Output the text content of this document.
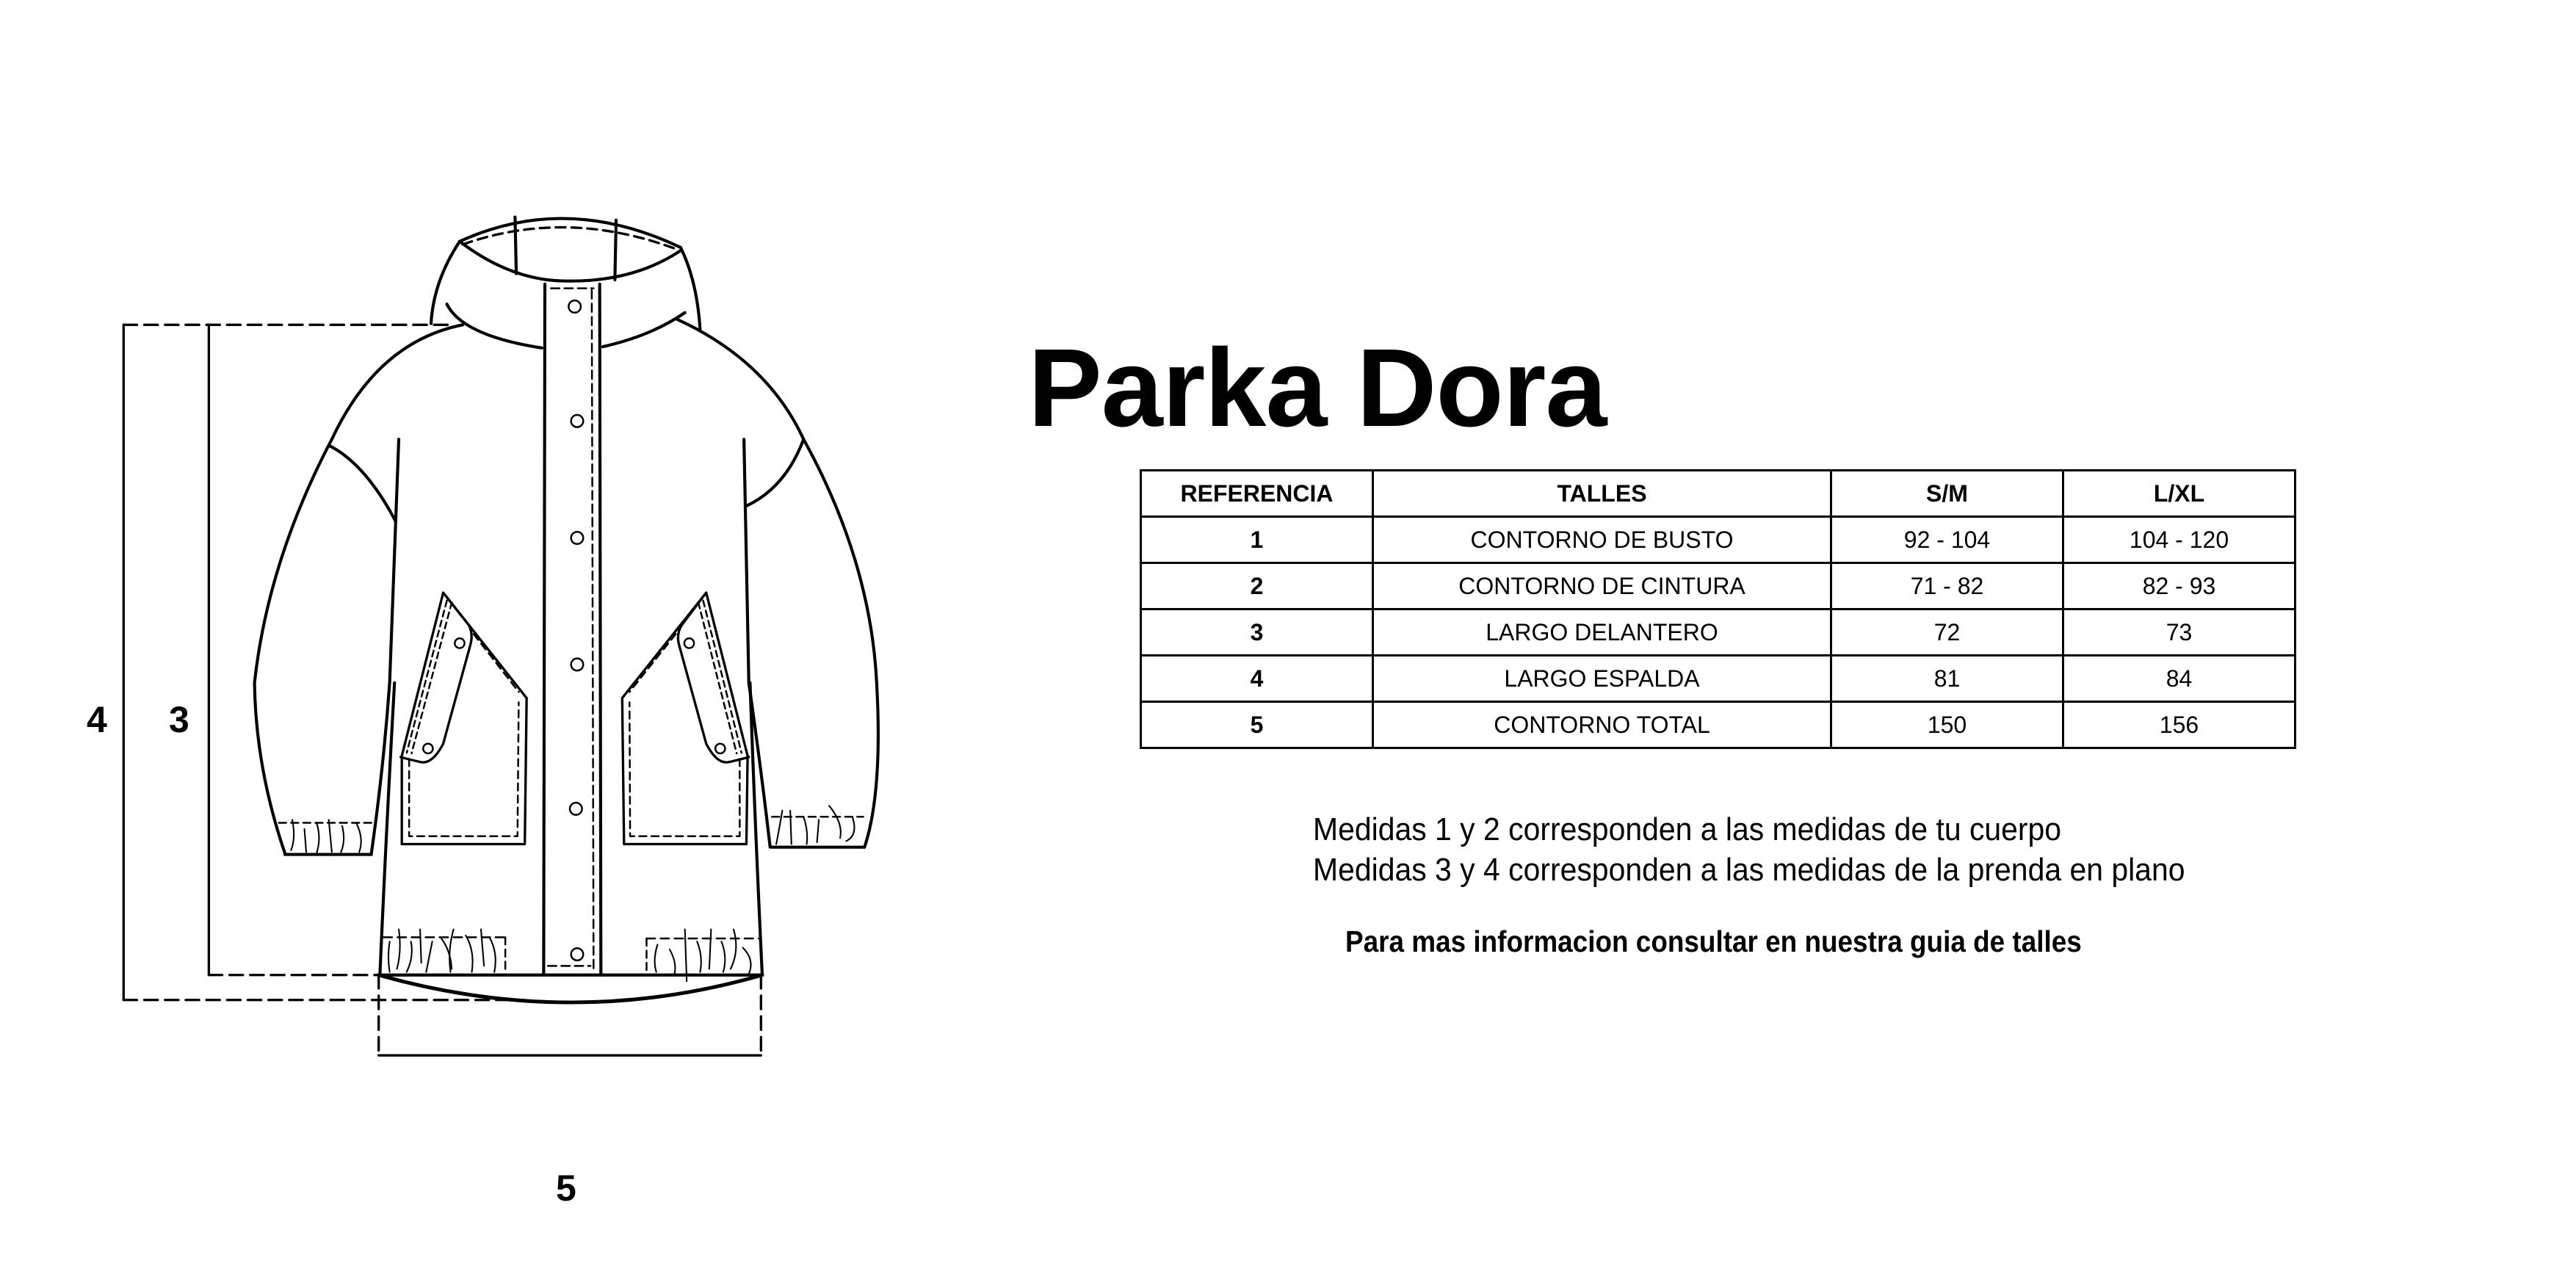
4 3
5
Parka Dora
REFERENCIA	TALLES	S/M	L/XL
1	CONTORNO DE BUSTO	92 - 104	104 - 120
2	CONTORNO DE CINTURA	71 - 82	82 - 93
3	LARGO DELANTERO	72	73
4	LARGO ESPALDA	81	84
5	CONTORNO TOTAL	150	156
Medidas 1 y 2 corresponden a las medidas de tu cuerpo
Medidas 3 y 4 corresponden a las medidas de la prenda en plano
Para mas informacion consultar en nuestra guia de talles
